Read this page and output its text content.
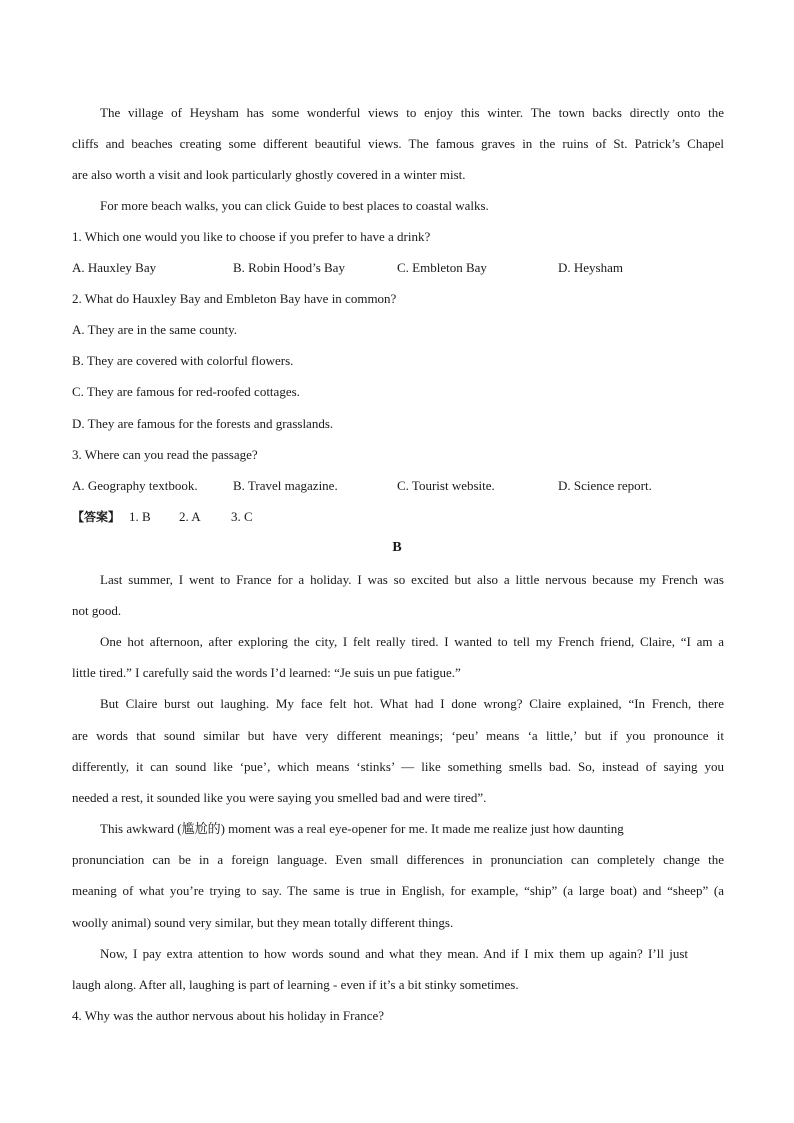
The village of Heysham has some wonderful views to enjoy this winter. The town backs directly onto the
cliffs and beaches creating some different beautiful views. The famous graves in the ruins of St. Patrick’s Chapel
are also worth a visit and look particularly ghostly covered in a winter mist.
For more beach walks, you can click Guide to best places to coastal walks.
1. Which one would you like to choose if you prefer to have a drink?
A. Hauxley Bay	B. Robin Hood’s Bay	C. Embleton Bay	D. Heysham
2. What do Hauxley Bay and Embleton Bay have in common?
A. They are in the same county.
B. They are covered with colorful flowers.
C. They are famous for red-roofed cottages.
D. They are famous for the forests and grasslands.
3. Where can you read the passage?
A. Geography textbook.	B. Travel magazine.	C. Tourist website.	D. Science report.
【答案】 1. B 2. A 3. C
B
Last summer, I went to France for a holiday. I was so excited but also a little nervous because my French was
not good.
One hot afternoon, after exploring the city, I felt really tired. I wanted to tell my French friend, Claire, “I am a
little tired.” I carefully said the words I’d learned: “Je suis un pue fatigue.”
But Claire burst out laughing. My face felt hot. What had I done wrong? Claire explained, “In French, there
are words that sound similar but have very different meanings; ‘peu’ means ‘a little,’ but if you pronounce it
differently, it can sound like ‘pue’, which means ‘stinks’ — like something smells bad. So, instead of saying you
needed a rest, it sounded like you were saying you smelled bad and were tired”.
This awkward (尴尬的) moment was a real eye-opener for me. It made me realize just how daunting
pronunciation can be in a foreign language. Even small differences in pronunciation can completely change the
meaning of what you’re trying to say. The same is true in English, for example, “ship” (a large boat) and “sheep” (a
woolly animal) sound very similar, but they mean totally different things.
Now, I pay extra attention to how words sound and what they mean. And if I mix them up again? I’ll just
laugh along. After all, laughing is part of learning - even if it’s a bit stinky sometimes.
4. Why was the author nervous about his holiday in France?
